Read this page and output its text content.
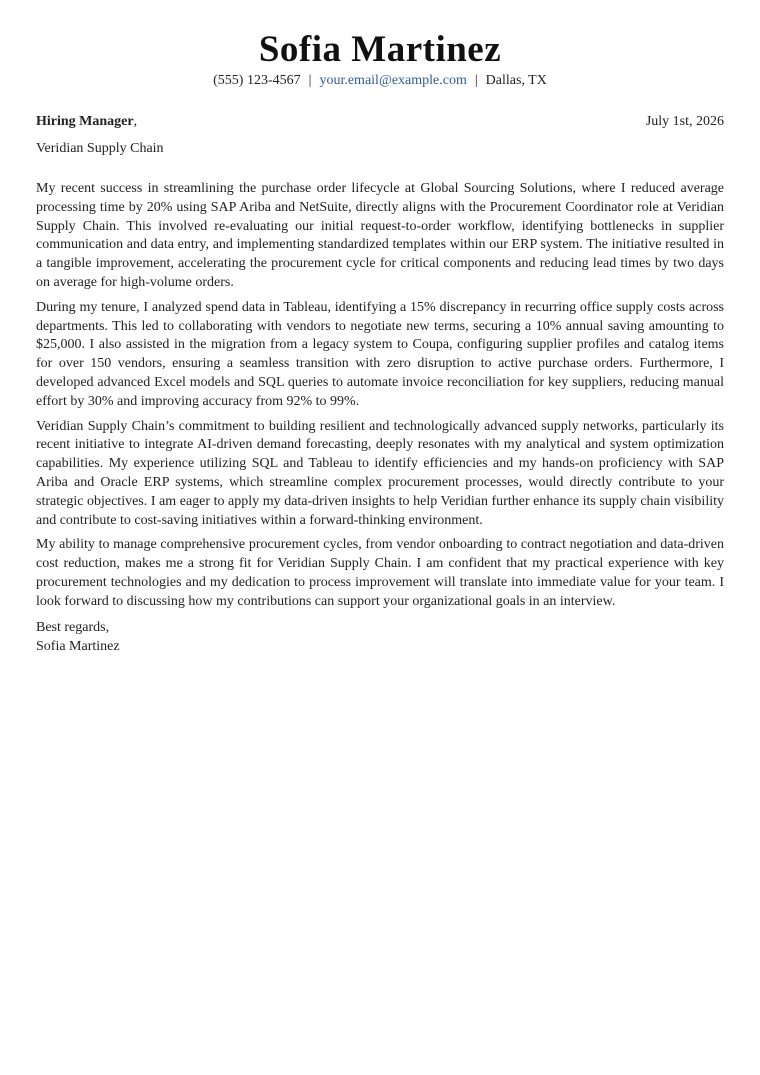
Sofia Martinez
(555) 123-4567 | your.email@example.com | Dallas, TX
Hiring Manager,	July 1st, 2026
Veridian Supply Chain

My recent success in streamlining the purchase order lifecycle at Global Sourcing Solutions, where I reduced average processing time by 20% using SAP Ariba and NetSuite, directly aligns with the Procurement Coordinator role at Veridian Supply Chain. This involved re-evaluating our initial request-to-order workflow, identifying bottlenecks in supplier communication and data entry, and implementing standardized templates within our ERP system. The initiative resulted in a tangible improvement, accelerating the procurement cycle for critical components and reducing lead times by two days on average for high-volume orders.

During my tenure, I analyzed spend data in Tableau, identifying a 15% discrepancy in recurring office supply costs across departments. This led to collaborating with vendors to negotiate new terms, securing a 10% annual saving amounting to $25,000. I also assisted in the migration from a legacy system to Coupa, configuring supplier profiles and catalog items for over 150 vendors, ensuring a seamless transition with zero disruption to active purchase orders. Furthermore, I developed advanced Excel models and SQL queries to automate invoice reconciliation for key suppliers, reducing manual effort by 30% and improving accuracy from 92% to 99%.

Veridian Supply Chain’s commitment to building resilient and technologically advanced supply networks, particularly its recent initiative to integrate AI-driven demand forecasting, deeply resonates with my analytical and system optimization capabilities. My experience utilizing SQL and Tableau to identify efficiencies and my hands-on proficiency with SAP Ariba and Oracle ERP systems, which streamline complex procurement processes, would directly contribute to your strategic objectives. I am eager to apply my data-driven insights to help Veridian further enhance its supply chain visibility and contribute to cost-saving initiatives within a forward-thinking environment.

My ability to manage comprehensive procurement cycles, from vendor onboarding to contract negotiation and data-driven cost reduction, makes me a strong fit for Veridian Supply Chain. I am confident that my practical experience with key procurement technologies and my dedication to process improvement will translate into immediate value for your team. I look forward to discussing how my contributions can support your organizational goals in an interview.

Best regards,
Sofia Martinez
